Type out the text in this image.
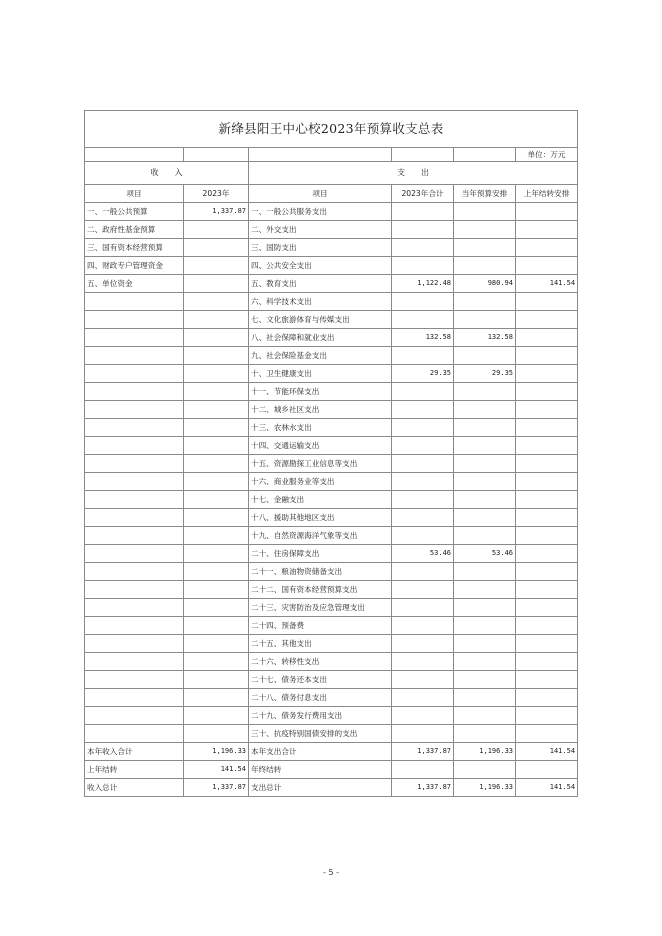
新绛县阳王中心校2023年预算收支总表					
					单位：万元
收　　入		支　　出			
项目	2023年	项目	2023年合计	当年预算安排	上年结转安排
一、一般公共预算	1,337.87	一、一般公共服务支出			
二、政府性基金预算		二、外交支出			
三、国有资本经营预算		三、国防支出			
四、财政专户管理资金		四、公共安全支出			
五、单位资金		五、教育支出	1,122.48	980.94	141.54
		六、科学技术支出			
		七、文化旅游体育与传媒支出			
		八、社会保障和就业支出	132.58	132.58	
		九、社会保险基金支出			
		十、卫生健康支出	29.35	29.35	
		十一、节能环保支出			
		十二、城乡社区支出			
		十三、农林水支出			
		十四、交通运输支出			
		十五、资源勘探工业信息等支出			
		十六、商业服务业等支出			
		十七、金融支出			
		十八、援助其他地区支出			
		十九、自然资源海洋气象等支出			
		二十、住房保障支出	53.46	53.46	
		二十一、粮油物资储备支出			
		二十二、国有资本经营预算支出			
		二十三、灾害防治及应急管理支出			
		二十四、预备费			
		二十五、其他支出			
		二十六、转移性支出			
		二十七、债务还本支出			
		二十八、债务付息支出			
		二十九、债务发行费用支出			
		三十、抗疫特别国债安排的支出			
本年收入合计	1,196.33	本年支出合计	1,337.87	1,196.33	141.54
上年结转	141.54	年终结转			
收入总计	1,337.87	支出总计	1,337.87	1,196.33	141.54
- 5 -
